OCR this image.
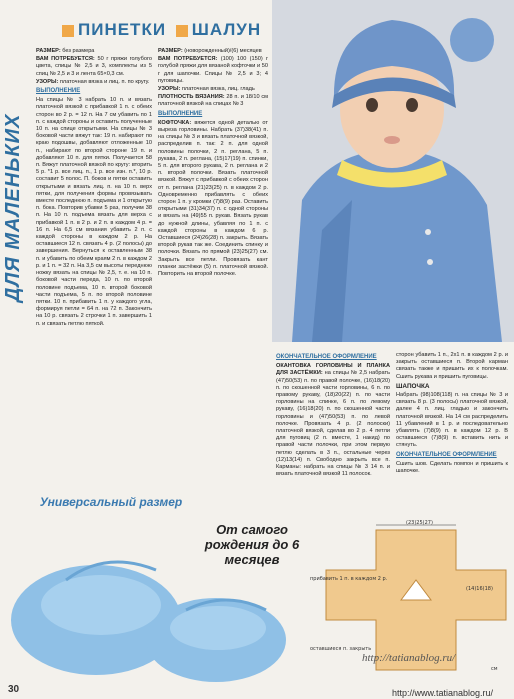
ДЛЯ МАЛЕНЬКИХ
ПИНЕТКИ ШАЛУН

РАЗМЕР: без размера

ВАМ ПОТРЕБУЕТСЯ: 50 г пряжи голубого цвета, спицы № 2,5 и 3, комплекты из 5 спиц № 2,5 и 3 и лента 65×0,3 см.

УЗОРЫ: платочная вязка и лиц. п. по кругу.

ВЫПОЛНЕНИЕ

На спицы № 3 набрать 10 п. и вязать платочной вязкой с прибавкой 1 п. с обеих сторон во 2 р. = 12 п. На 7 см убавить по 1 п. с каждой стороны и оставить полученные 10 п. на спице открытыми. На спицы № 3 боковой части вяжут так: 19 п. набирают по краю подошвы, добавляют отложенные 10 п., набирают по второй стороне 19 п. и добавляют 10 п. для пятки. Получается 58 п. Вяжут платочной вязкой по кругу: вторить 5 р. *1 р. все лиц. п., 1 р. все изн. п.*, 10 р. составит 5 полос. П. боков и пятки оставить открытыми и вязать лиц. п. на 10 п. верх пятки, для получения формы провязывать вместе последнюю п. подъема и 1 открытую п. бока. Повторив убавки 5 раз, получим 38 п. На 10 п. подъема вязать для верха с прибавкой 1 п. в 2 р. и 2 п. в каждом 4 р. = 16 п. На 6,5 см вязания убавить 2 п. с каждой стороны в каждом 2 р. На оставшиеся 12 п. связать 4 р. (2 полосы) до завершения. Вернуться к оставленным 38 п. и убавить по обеим краям 2 п. в каждом 2 р. и 1 п. = 32 п. На 3,5 см высоты переднюю ножку вязать на спицы № 2,5, т. е. на 10 п. боковой части переда, 10 п. по второй половине подъема, 10 п. второй боковой части подъема, 5 п. по второй половине пятки. 10 п. прибавить 1 п. у каждого угла, формируя петли = 64 п. на 72 п. Закончить на 10 р. связать 2 строчки 1 п. завершить 1 п. и связать петлю пяткой.

РАЗМЕР: (новорожденный)/(6) месяцев

ВАМ ПОТРЕБУЕТСЯ: (100) 100 (150) г голубой пряжи для вязаной кофточки и 50 г для шапочки. Спицы № 2,5 и 3; 4 пуговицы.

УЗОРЫ: платочная вязка, лиц. гладь

ПЛОТНОСТЬ ВЯЗАНИЯ: 28 п. и 18/10 см платочной вязкой на спицах № 3

ВЫПОЛНЕНИЕ

КОФТОЧКА: вяжется одной деталью от выреза горловины. Набрать (37)38(41) п. на спицы № 3 и вязать платочной вязкой, распределив п. так: 2 п. для одной половины полочки, 2 п. реглана, 5 п. рукава, 2 п. реглана, (15)17(19) п. спинки, 5 п. для второго рукава, 2 п. реглана и 2 п. второй полочки. Вязать платочной вязкой. Вяжут с прибавкой с обеих сторон от п. реглана (21)23(25) п. в каждом 2 р. Одновременно прибавлять с обеих сторон 1 п. у кромки (7)8(9) раз. Оставить открытыми (31)34(37) п. с одной стороны и вязать на (49)55 п. рукав. Вязать рукав до нужной длины, убавляя по 1 п. с каждой стороны в каждом 6 р. Оставшиеся (24)26(28) п. закрыть. Вязать второй рукав так же. Соединить спинку и полочки. Вязать по прямой (23)25(27) см. Закрыть все петли. Провязать кант планки застёжки (5) п. платочной вязкой. Повторить на второй полочке.

ОКОНЧАТЕЛЬНОЕ ОФОРМЛЕНИЕ

ОКАНТОВКА ГОРЛОВИНЫ И ПЛАНКА ДЛЯ ЗАСТЁЖКИ: на спицы № 2,5 набрать (47)50(53) п. по правой полочке, (16)18(20) п. по скошенной части горловины, 6 п. по правому рукаву, (18)20(22) п. по части горловины на спинке, 6 п. по левому рукаву, (16)18(20) п. по скошенной части горловины и (47)50(53) п. по левой полочке. Провязать 4 р. (2 полоски) платочной вязкой, сделав во 2 р. 4 петли для пуговиц (2 п. вместе, 1 накид) по правой части полочки, при этом первую петлю сделать в 3 п., остальные через (12)13(14) п. Свободно закрыть все п. Карманы: набрать на спицы № 3 14 п. и вязать платочной вязкой 11 полосок.

сторон убавить 1 п., 2х1 п. в каждом 2 р. и закрыть оставшиеся п. Второй карман связать также и пришить их к полочкам. Сшить рукава и пришить пуговицы.

ШАПОЧКА

Набрать (98)108(118) п. на спицы № 3 и связать 8 р. (3 полосы) платочной вязкой, далее 4 п. лиц. гладью и закончить платочной вязкой. На 14 см распределить 11 убавлений в 1 р. и последовательно убавлять (7)8(9) п. в каждом 12 р. В оставшиеся (7)8(9) п. вставить нить и стянуть.

ОКОНЧАТЕЛЬНОЕ ОФОРМЛЕНИЕ

Сшить шов. Сделать помпон и пришить к шапочке.

Универсальный размер
От самого рождения до 6 месяцев
прибавить 1 п. в каждом 2 р.
оставшиеся п. закрыть
(23)25(27)
(14)16(18)
см
http://tatianablog.ru/
30	http://www.tatianablog.ru/
